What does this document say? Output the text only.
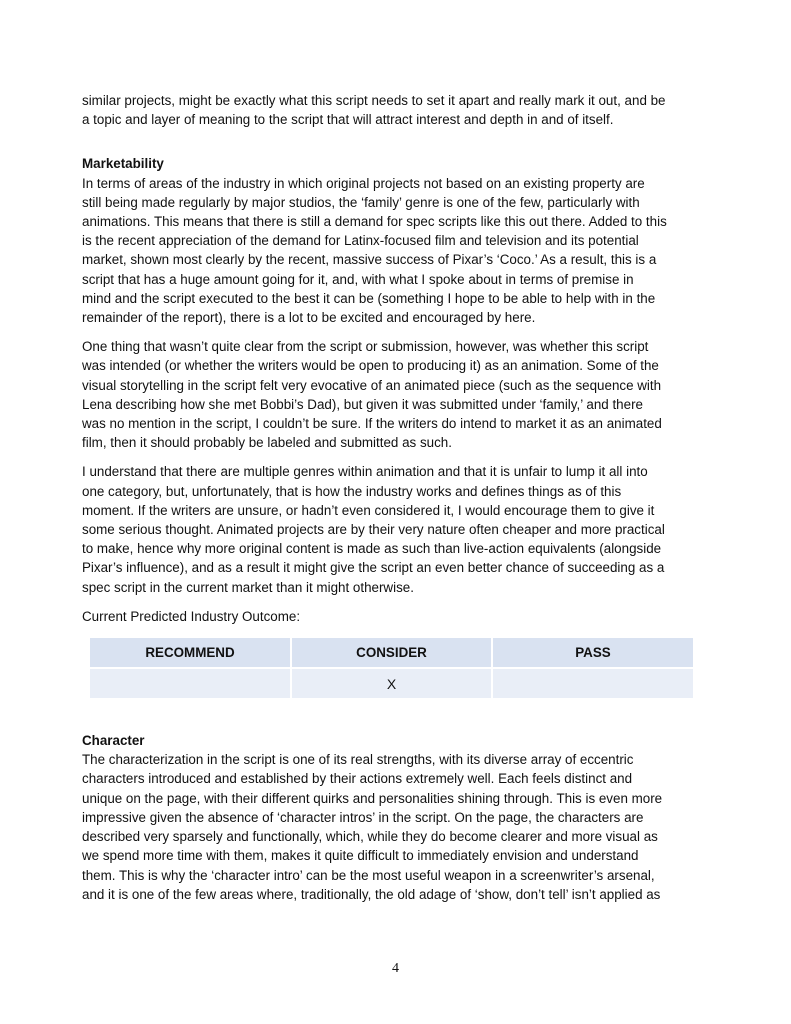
similar projects, might be exactly what this script needs to set it apart and really mark it out, and be
a topic and layer of meaning to the script that will attract interest and depth in and of itself.

Marketability

In terms of areas of the industry in which original projects not based on an existing property are
still being made regularly by major studios, the ‘family’ genre is one of the few, particularly with
animations. This means that there is still a demand for spec scripts like this out there. Added to this
is the recent appreciation of the demand for Latinx-focused film and television and its potential
market, shown most clearly by the recent, massive success of Pixar’s ‘Coco.’ As a result, this is a
script that has a huge amount going for it, and, with what I spoke about in terms of premise in
mind and the script executed to the best it can be (something I hope to be able to help with in the
remainder of the report), there is a lot to be excited and encouraged by here.

One thing that wasn’t quite clear from the script or submission, however, was whether this script
was intended (or whether the writers would be open to producing it) as an animation. Some of the
visual storytelling in the script felt very evocative of an animated piece (such as the sequence with
Lena describing how she met Bobbi’s Dad), but given it was submitted under ‘family,’ and there
was no mention in the script, I couldn’t be sure. If the writers do intend to market it as an animated
film, then it should probably be labeled and submitted as such.

I understand that there are multiple genres within animation and that it is unfair to lump it all into
one category, but, unfortunately, that is how the industry works and defines things as of this
moment. If the writers are unsure, or hadn’t even considered it, I would encourage them to give it
some serious thought. Animated projects are by their very nature often cheaper and more practical
to make, hence why more original content is made as such than live-action equivalents (alongside
Pixar’s influence), and as a result it might give the script an even better chance of succeeding as a
spec script in the current market than it might otherwise.

Current Predicted Industry Outcome:

RECOMMEND	CONSIDER	PASS
	X	

Character

The characterization in the script is one of its real strengths, with its diverse array of eccentric
characters introduced and established by their actions extremely well. Each feels distinct and
unique on the page, with their different quirks and personalities shining through. This is even more
impressive given the absence of ‘character intros’ in the script. On the page, the characters are
described very sparsely and functionally, which, while they do become clearer and more visual as
we spend more time with them, makes it quite difficult to immediately envision and understand
them. This is why the ‘character intro’ can be the most useful weapon in a screenwriter’s arsenal,
and it is one of the few areas where, traditionally, the old adage of ‘show, don’t tell’ isn’t applied as

4
